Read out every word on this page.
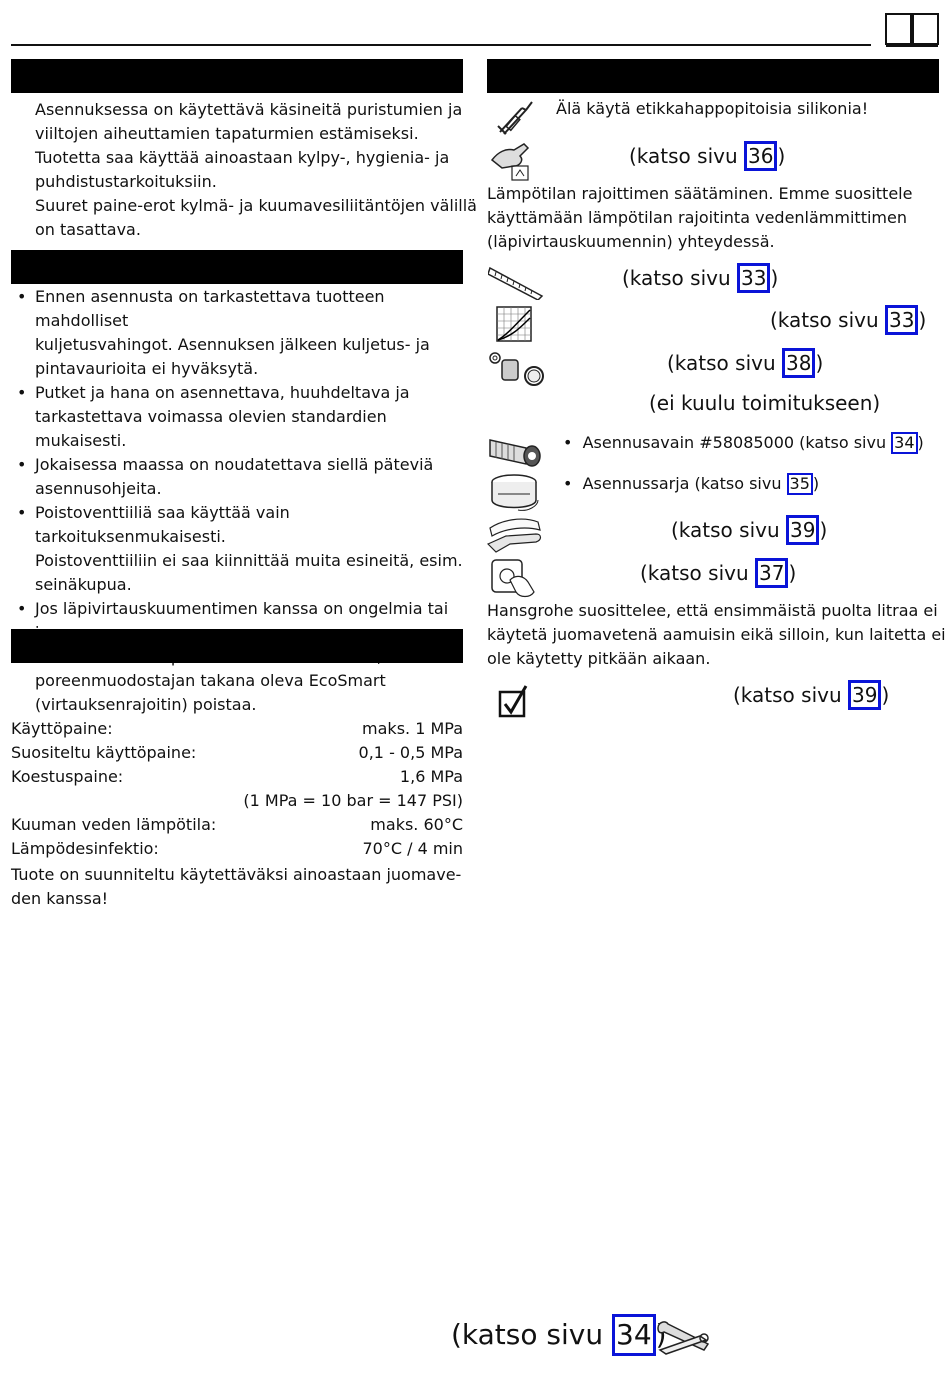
Asennuksessa on käytettävä käsineitä puristumien ja
viiltojen aiheuttamien tapaturmien estämiseksi.
Tuotetta saa käyttää ainoastaan kylpy-, hygienia- ja
puhdistustarkoituksiin.
Suuret paine-erot kylmä- ja kuumavesiliitäntöjen välillä
on tasattava.
• Ennen asennusta on tarkastettava tuotteen mahdolliset
kuljetusvahingot. Asennuksen jälkeen kuljetus- ja
pintavaurioita ei hyväksytä.
• Putket ja hana on asennettava, huuhdeltava ja
tarkastettava voimassa olevien standardien mukaisesti.
• Jokaisessa maassa on noudatettava siellä päteviä
asennusohjeita.
• Poistoventtiiliä saa käyttää vain tarkoituksenmukaisesti.
Poistoventtiiliin ei saa kiinnittää muita esineitä, esim.
seinäkupua.
• Jos läpivirtauskuumentimen kanssa on ongelmia tai
poreenmuodostajan takana oleva EcoSmart
(virtauksenrajoitin) poistaa.
Käyttöpaine:	maks. 1 MPa
Suositeltu käyttöpaine:	0,1 - 0,5 MPa
Koestuspaine:	1,6 MPa
(1 MPa = 10 bar = 147 PSI)
Kuuman veden lämpötila:	maks. 60°C
Lämpödesinfektio:	70°C / 4 min
Tuote on suunniteltu käytettäväksi ainoastaan juomave-
den kanssa!
Älä käytä etikkahappopitoisia silikonia!
(katso sivu 36 )
Lämpötilan rajoittimen säätäminen. Emme suosittele
käyttämään lämpötilan rajoitinta vedenlämmittimen
(läpivirtauskuumennin) yhteydessä.
(katso sivu 33 )
(katso sivu 33 )
(katso sivu 38 )
(ei kuulu toimitukseen)
•  Asennusavain #58085000 (katso sivu 34 )
•  Asennussarja (katso sivu 35 )
(katso sivu 39 )
(katso sivu 37 )
Hansgrohe suosittelee, että ensimmäistä puolta litraa ei
käytetä juomavetenä aamuisin eikä silloin, kun laitetta ei
ole käytetty pitkään aikaan.
(katso sivu 39 )
(katso sivu 34 )
